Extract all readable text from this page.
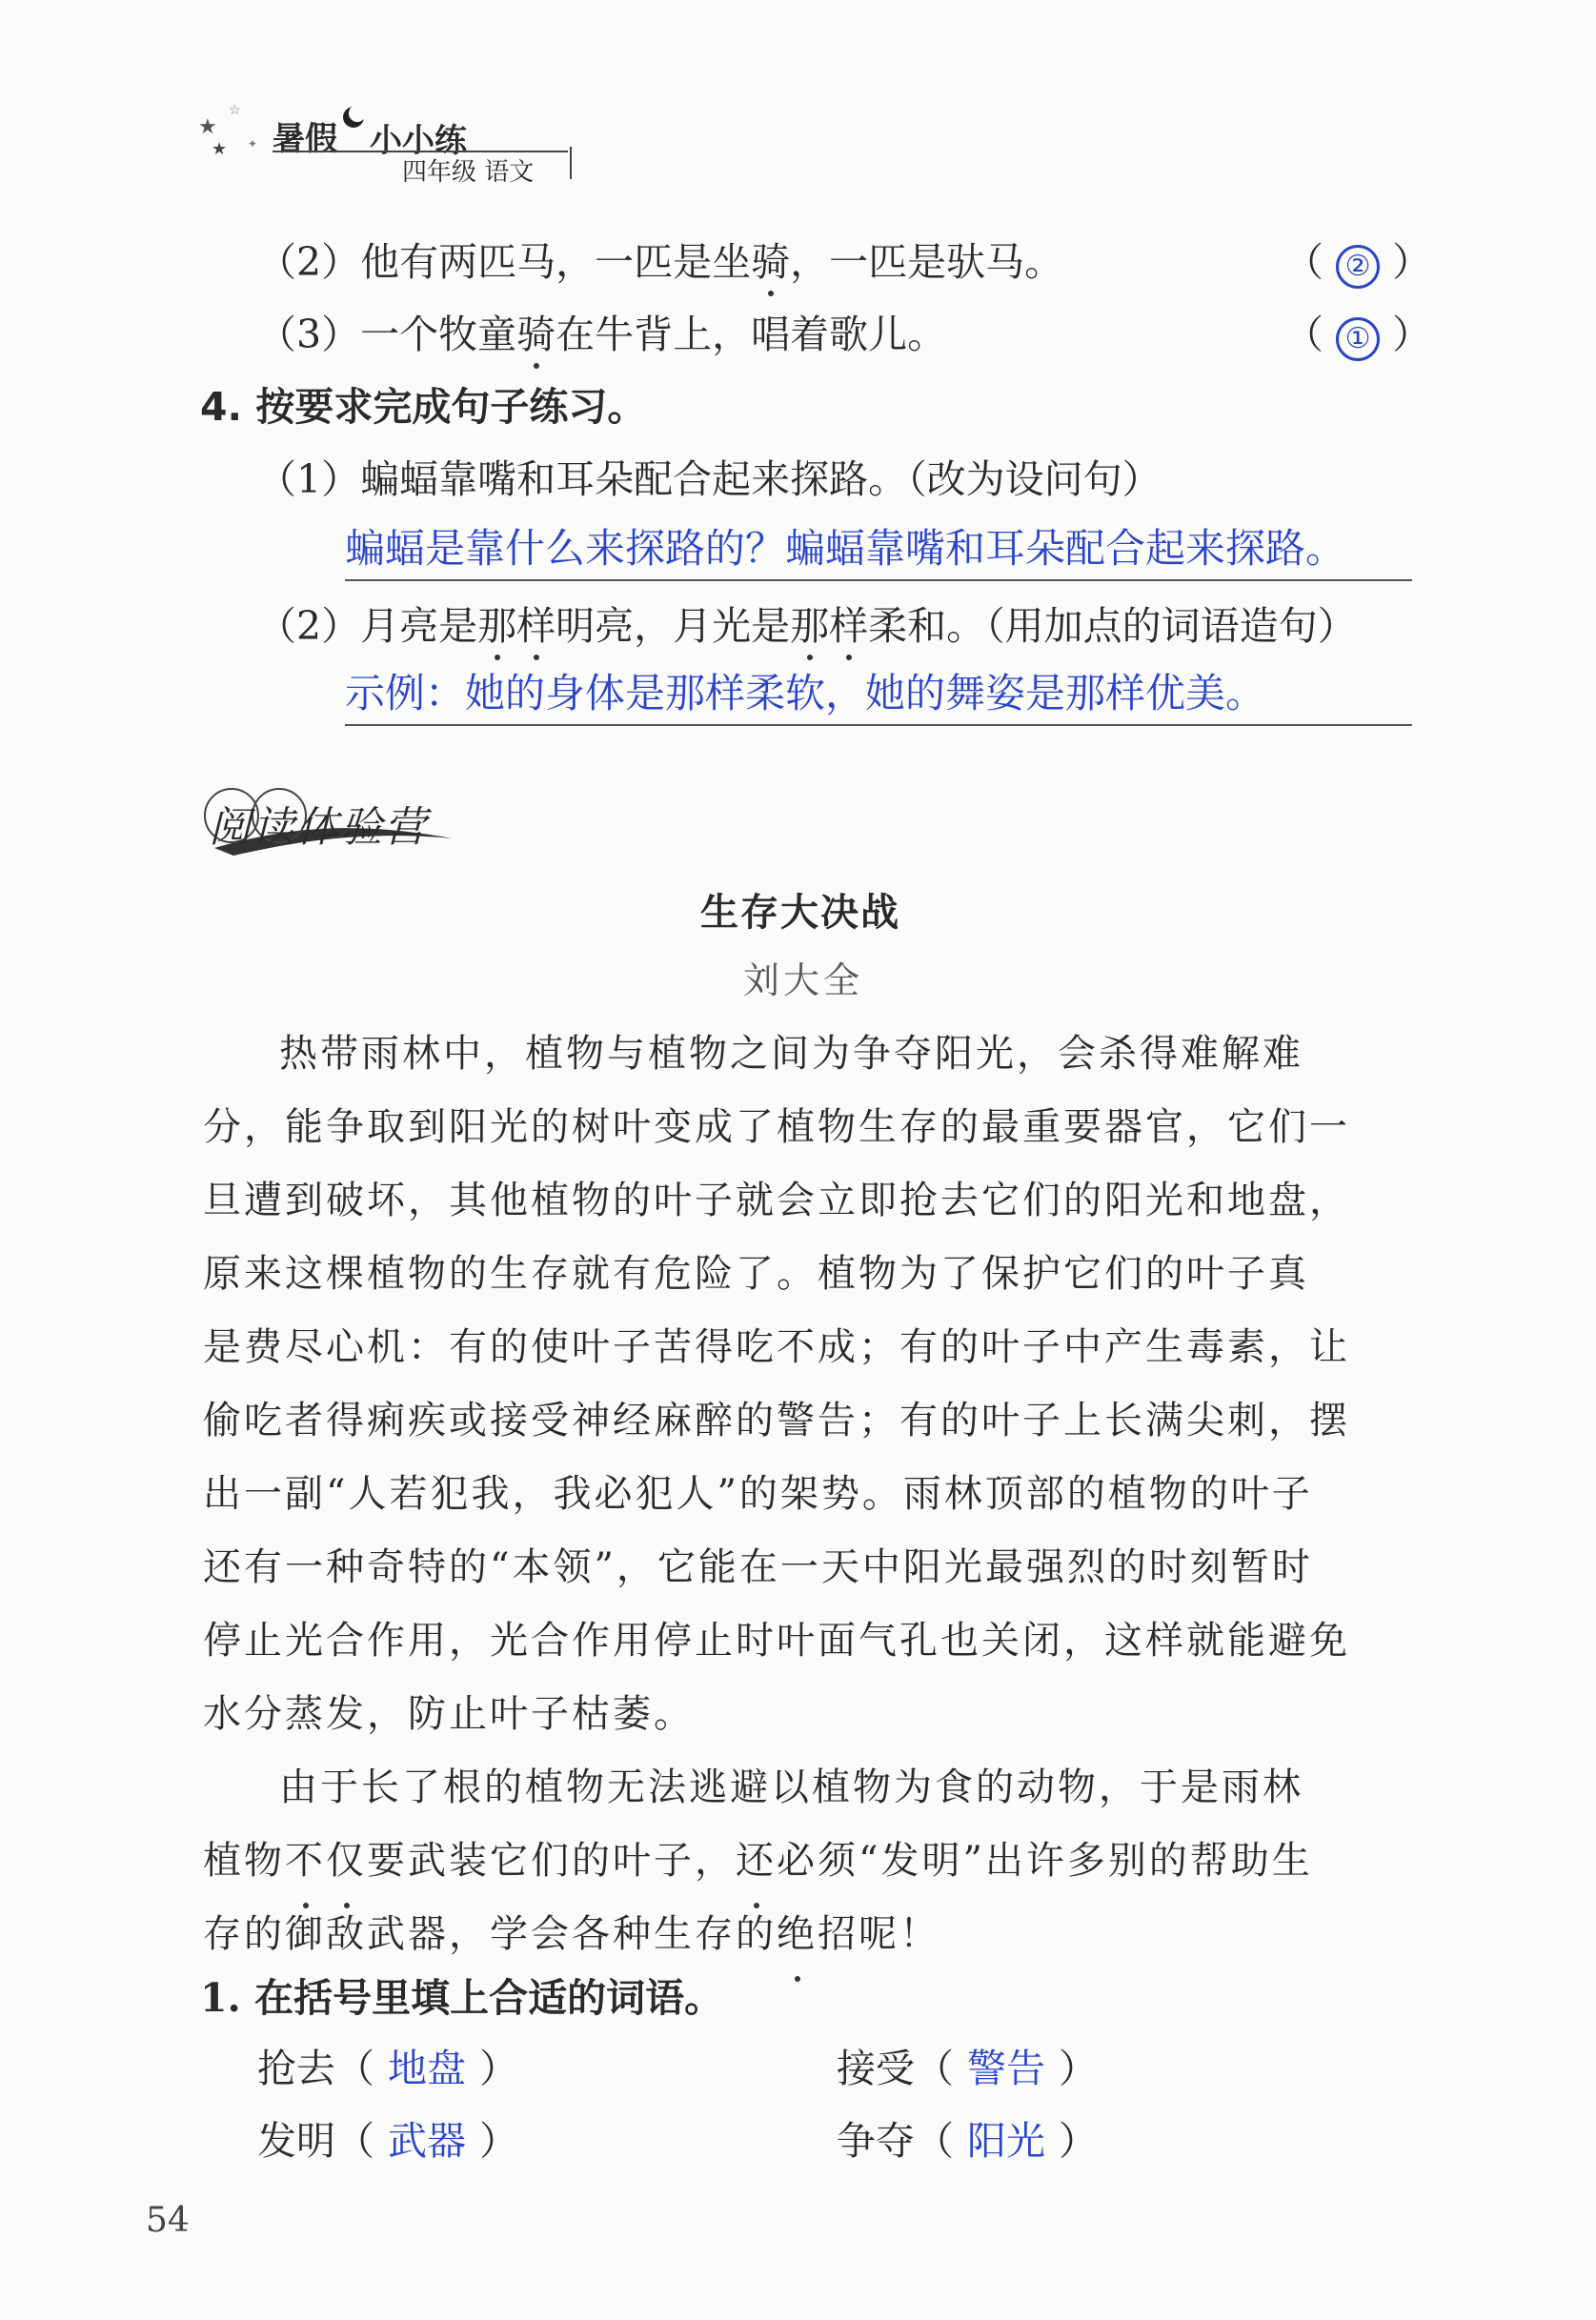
★
☆
✦
★ 暑假 小小练
四年级 语文
（2）他有两匹马，一匹是坐骑，一匹是驮马。	（ ② ）
（3）一个牧童骑在牛背上，唱着歌儿。	（ ① ）
4. 按要求完成句子练习。
（1）蝙蝠靠嘴和耳朵配合起来探路。（改为设问句）
蝙蝠是靠什么来探路的？蝙蝠靠嘴和耳朵配合起来探路。
（2）月亮是那样明亮，月光是那样柔和。（用加点的词语造句）
示例：她的身体是那样柔软，她的舞姿是那样优美。
阅读体验营
生存大决战
刘大全
热带雨林中，植物与植物之间为争夺阳光，会杀得难解难
分，能争取到阳光的树叶变成了植物生存的最重要器官，它们一
旦遭到破坏，其他植物的叶子就会立即抢去它们的阳光和地盘，
原来这棵植物的生存就有危险了。植物为了保护它们的叶子真
是费尽心机：有的使叶子苦得吃不成；有的叶子中产生毒素，让
偷吃者得痢疾或接受神经麻醉的警告；有的叶子上长满尖刺，摆
出一副“人若犯我，我必犯人”的架势。雨林顶部的植物的叶子
还有一种奇特的“本领”，它能在一天中阳光最强烈的时刻暂时
停止光合作用，光合作用停止时叶面气孔也关闭，这样就能避免
水分蒸发，防止叶子枯萎。
由于长了根的植物无法逃避以植物为食的动物，于是雨林
植物不仅要武装它们的叶子，还必须“发明”出许多别的帮助生
存的御敌武器，学会各种生存的绝招呢！
1. 在括号里填上合适的词语。
抢去（ 地盘 ）	接受（ 警告 ）
发明（ 武器 ）	争夺（ 阳光 ）
54
